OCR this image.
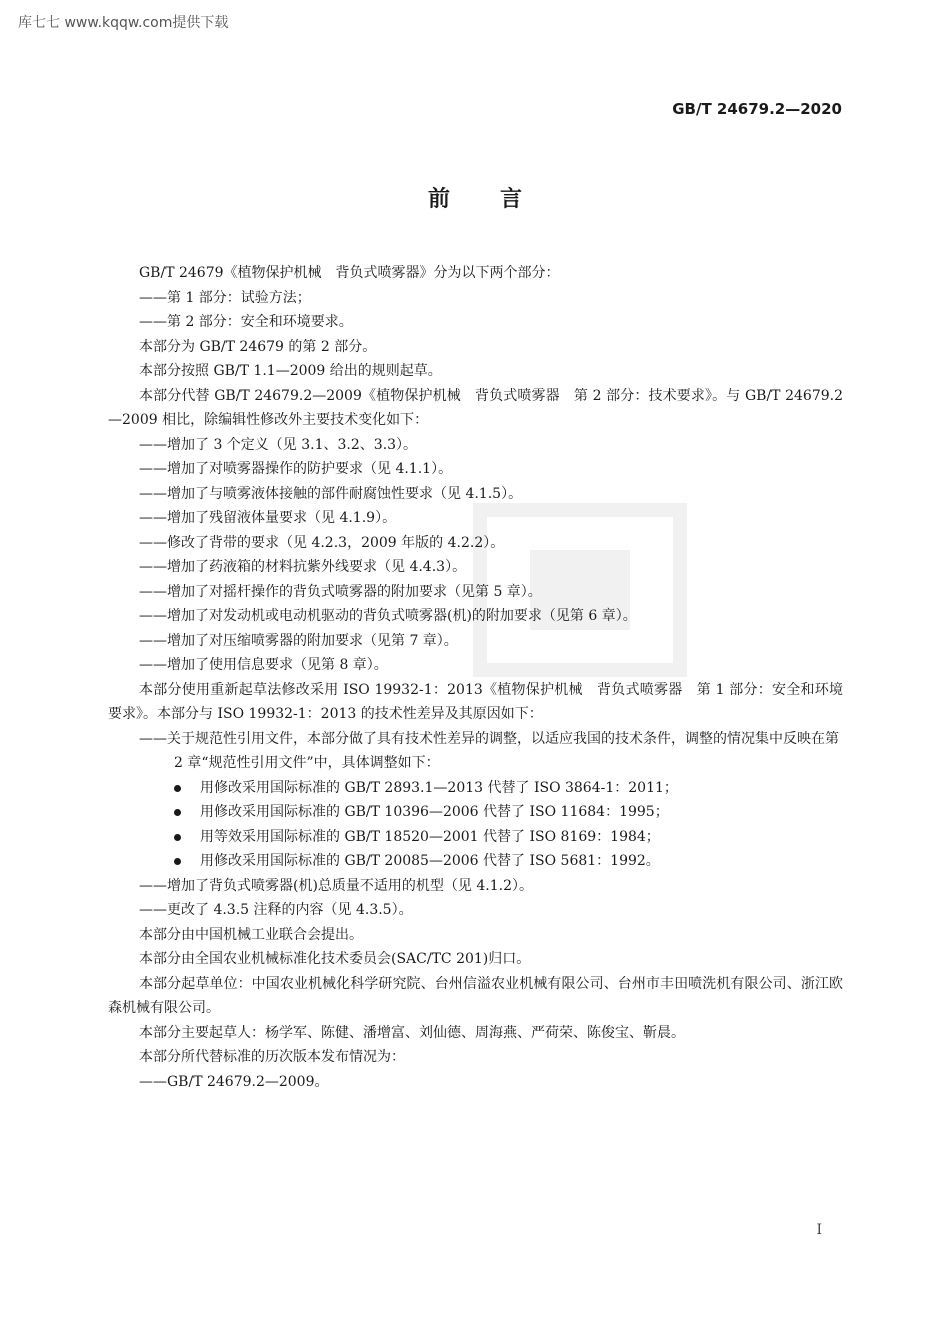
库七七 www.kqqw.com提供下载
GB/T 24679.2—2020
前言

GB/T 24679《植物保护机械　背负式喷雾器》分为以下两个部分：

——第 1 部分：试验方法；

——第 2 部分：安全和环境要求。

本部分为 GB/T 24679 的第 2 部分。

本部分按照 GB/T 1.1—2009 给出的规则起草。

本部分代替 GB/T 24679.2—2009《植物保护机械　背负式喷雾器　第 2 部分：技术要求》。与 GB/T 24679.2—2009 相比，除编辑性修改外主要技术变化如下：

——增加了 3 个定义（见 3.1、3.2、3.3）。

——增加了对喷雾器操作的防护要求（见 4.1.1）。

——增加了与喷雾液体接触的部件耐腐蚀性要求（见 4.1.5）。

——增加了残留液体量要求（见 4.1.9）。

——修改了背带的要求（见 4.2.3，2009 年版的 4.2.2）。

——增加了药液箱的材料抗紫外线要求（见 4.4.3）。

——增加了对摇杆操作的背负式喷雾器的附加要求（见第 5 章）。

——增加了对发动机或电动机驱动的背负式喷雾器(机)的附加要求（见第 6 章）。

——增加了对压缩喷雾器的附加要求（见第 7 章）。

——增加了使用信息要求（见第 8 章）。

本部分使用重新起草法修改采用 ISO 19932-1：2013《植物保护机械　背负式喷雾器　第 1 部分：安全和环境要求》。本部分与 ISO 19932-1：2013 的技术性差异及其原因如下：

——关于规范性引用文件，本部分做了具有技术性差异的调整，以适应我国的技术条件，调整的情况集中反映在第 2 章“规范性引用文件”中，具体调整如下：

用修改采用国际标准的 GB/T 2893.1—2013 代替了 ISO 3864-1：2011；

用修改采用国际标准的 GB/T 10396—2006 代替了 ISO 11684：1995；

用等效采用国际标准的 GB/T 18520—2001 代替了 ISO 8169：1984；

用修改采用国际标准的 GB/T 20085—2006 代替了 ISO 5681：1992。

——增加了背负式喷雾器(机)总质量不适用的机型（见 4.1.2）。

——更改了 4.3.5 注释的内容（见 4.3.5）。

本部分由中国机械工业联合会提出。

本部分由全国农业机械标准化技术委员会(SAC/TC 201)归口。

本部分起草单位：中国农业机械化科学研究院、台州信溢农业机械有限公司、台州市丰田喷洗机有限公司、浙江欧森机械有限公司。

本部分主要起草人：杨学军、陈健、潘增富、刘仙德、周海燕、严荷荣、陈俊宝、靳晨。

本部分所代替标准的历次版本发布情况为：

——GB/T 24679.2—2009。

I
